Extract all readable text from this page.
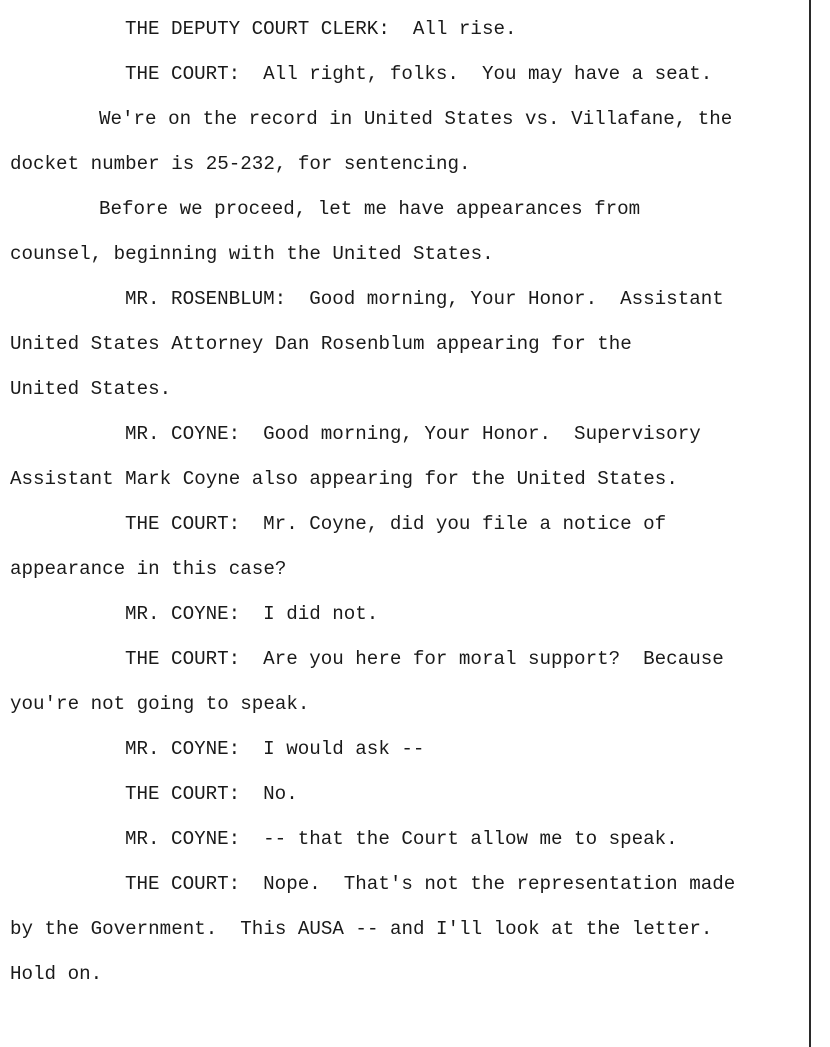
THE DEPUTY COURT CLERK:  All rise.
THE COURT:  All right, folks.  You may have a seat.
We're on the record in United States vs. Villafane, the
docket number is 25-232, for sentencing.
Before we proceed, let me have appearances from
counsel, beginning with the United States.
MR. ROSENBLUM:  Good morning, Your Honor.  Assistant
United States Attorney Dan Rosenblum appearing for the
United States.
MR. COYNE:  Good morning, Your Honor.  Supervisory
Assistant Mark Coyne also appearing for the United States.
THE COURT:  Mr. Coyne, did you file a notice of
appearance in this case?
MR. COYNE:  I did not.
THE COURT:  Are you here for moral support?  Because
you're not going to speak.
MR. COYNE:  I would ask --
THE COURT:  No.
MR. COYNE:  -- that the Court allow me to speak.
THE COURT:  Nope.  That's not the representation made
by the Government.  This AUSA -- and I'll look at the letter.
Hold on.
